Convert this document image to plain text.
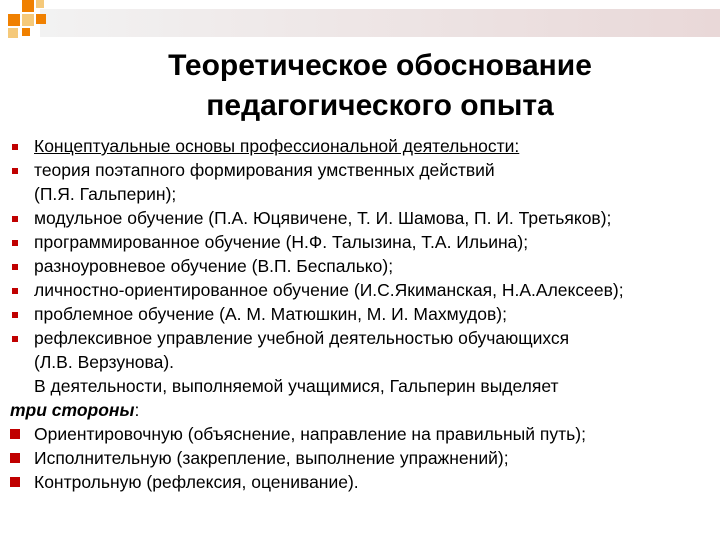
Теоретическое обоснование
педагогического опыта
Концептуальные основы профессиональной деятельности:
теория поэтапного формирования умственных действий
(П.Я. Гальперин);
модульное обучение (П.А. Юцявичене, Т. И. Шамова, П. И. Третьяков);
программированное обучение (Н.Ф. Талызина, Т.А. Ильина);
разноуровневое обучение (В.П. Беспалько);
личностно-ориентированное обучение (И.С.Якиманская, Н.А.Алексеев);
проблемное обучение (А. М. Матюшкин, М. И. Махмудов);
рефлексивное управление учебной деятельностью обучающихся
(Л.В. Верзунова).
В деятельности, выполняемой учащимися, Гальперин выделяет
три стороны:
Ориентировочную (объяснение, направление на правильный путь);
Исполнительную (закрепление, выполнение упражнений);
Контрольную (рефлексия, оценивание).
